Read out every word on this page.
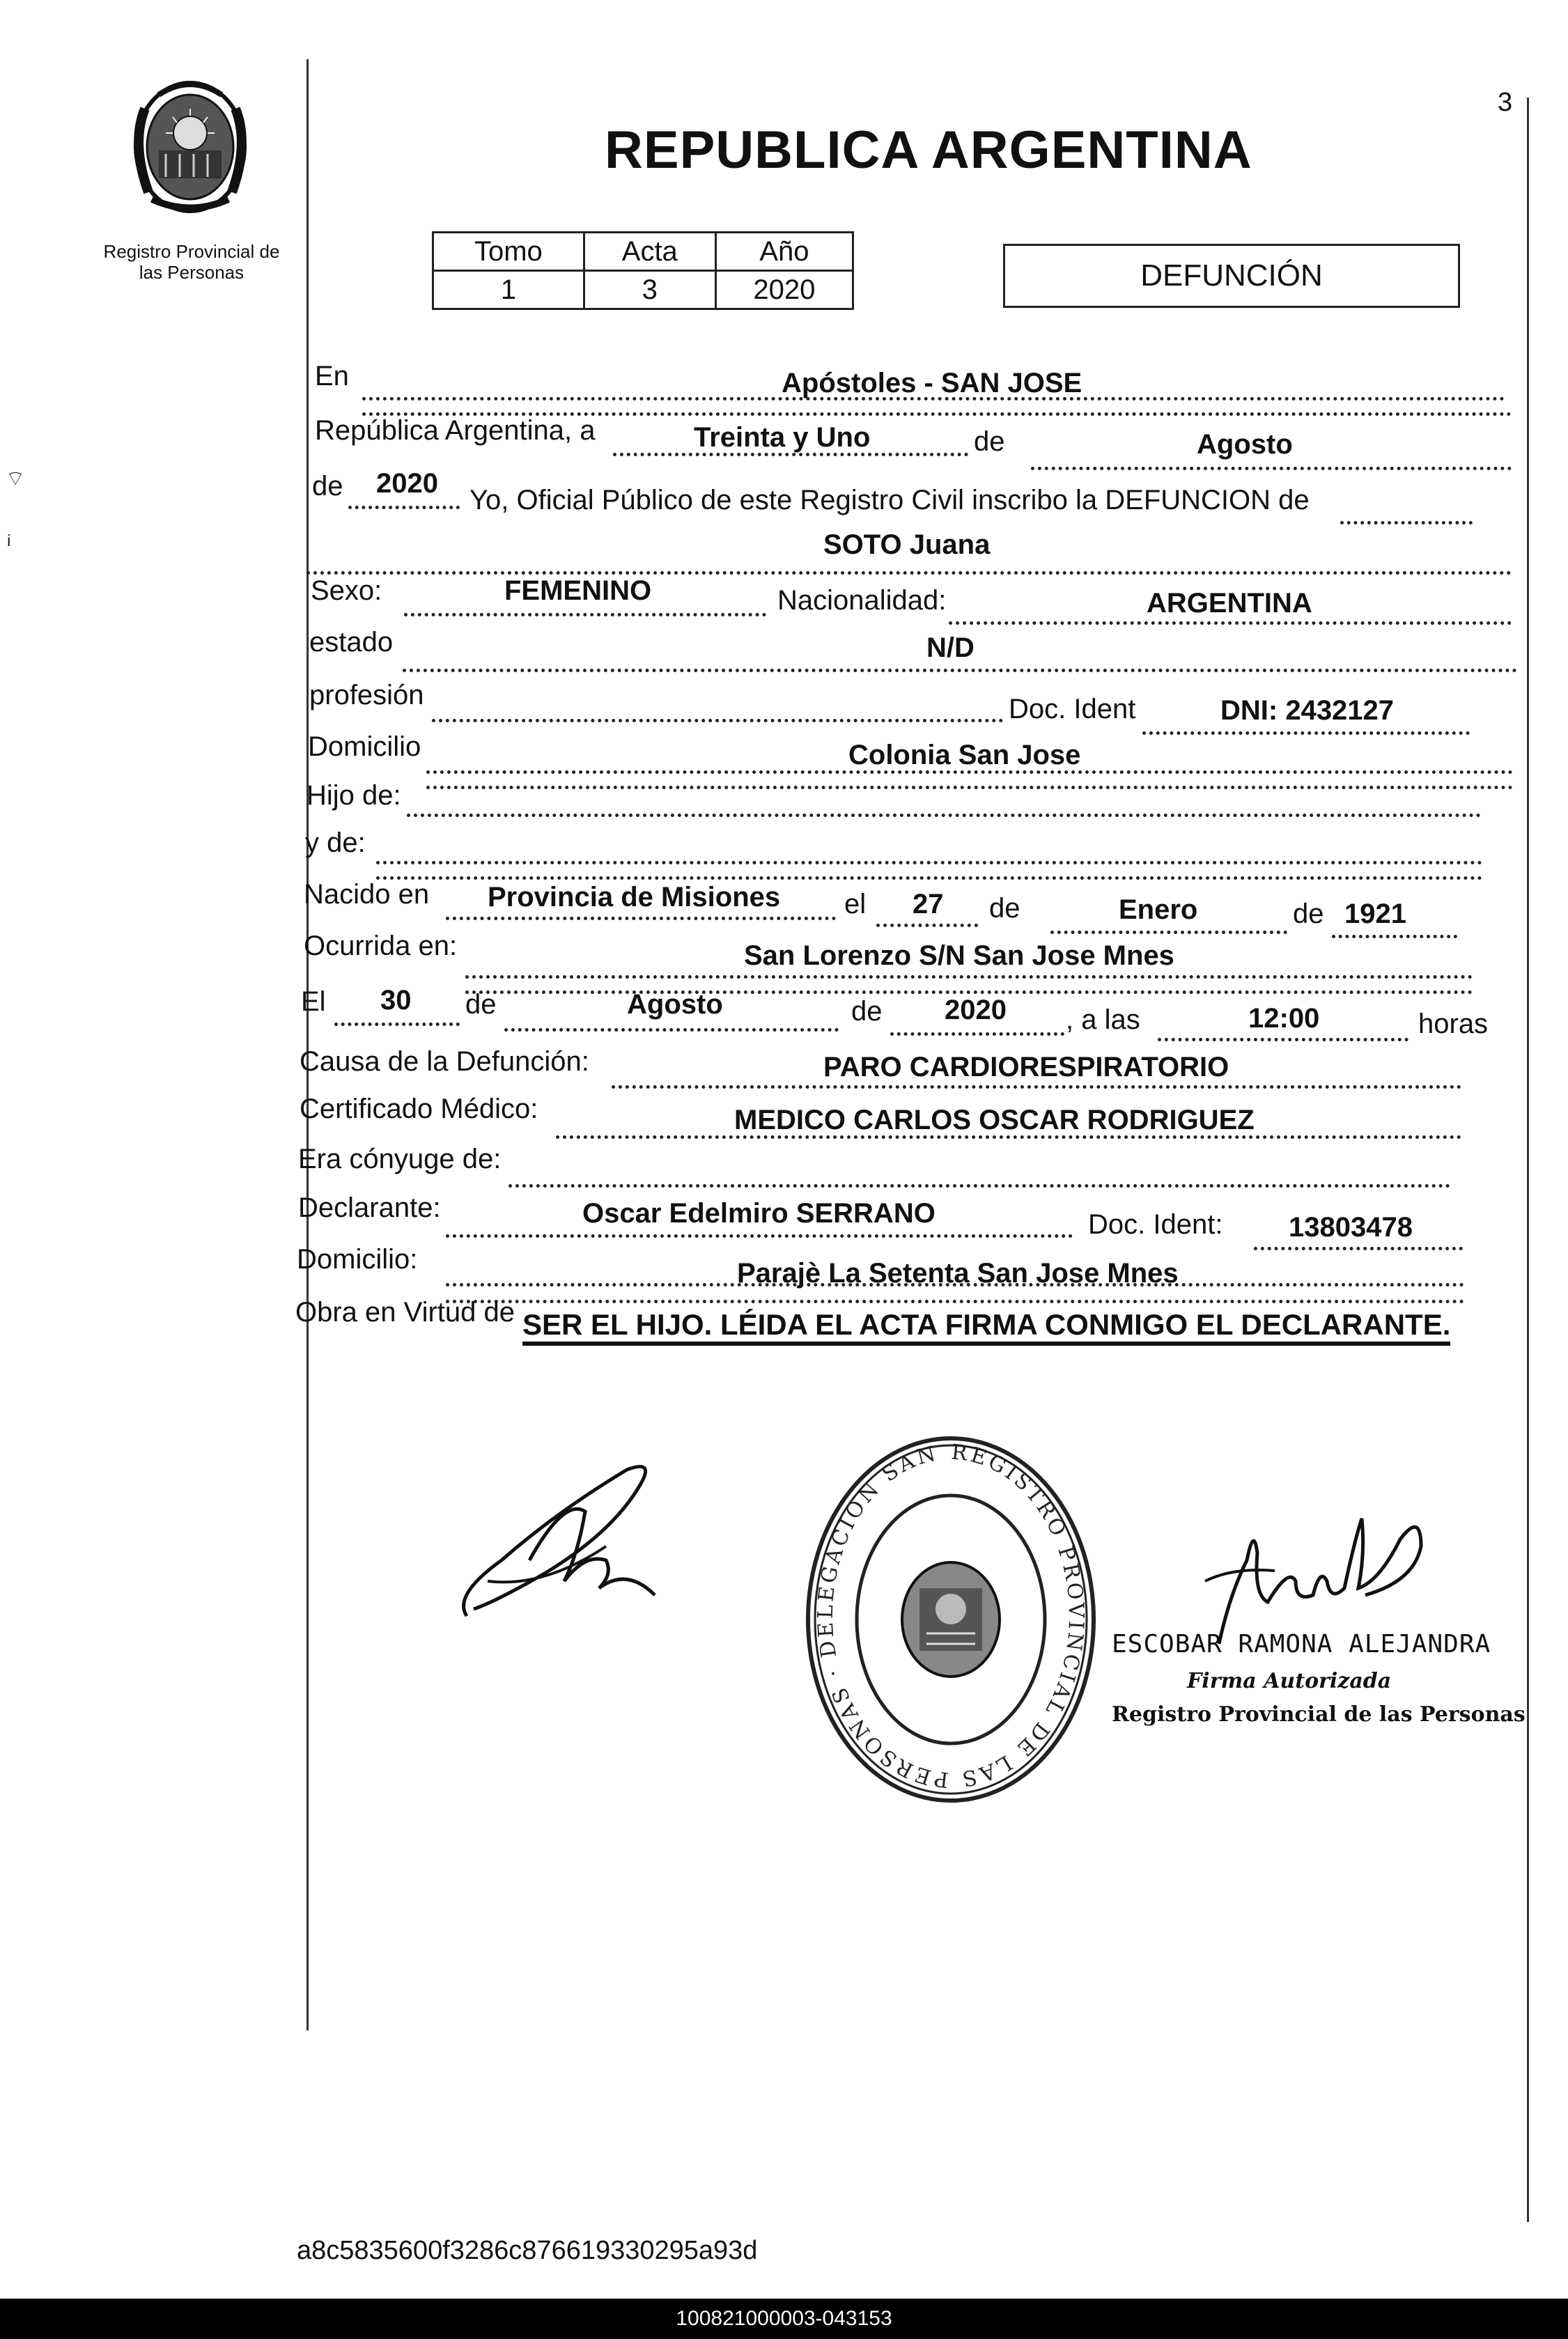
3
Registro Provincial de
las Personas
REPUBLICA ARGENTINA
Tomo	Acta	Año
1	3	2020	DEFUNCIÓN
En	Apóstoles - SAN JOSE
República Argentina, a	Treinta y Uno	de	Agosto
de 2020
Yo, Oficial Público de este Registro Civil inscribo la DEFUNCION de
SOTO Juana
Sexo:	FEMENINO	Nacionalidad:	ARGENTINA
estado	N/D
profesión	Doc. Ident	DNI: 2432127
Domicilio	Colonia San Jose
Hijo de:
y de:
Nacido en Provincia de Misiones el 27 de	Enero	de 1921
Ocurrida en:	San Lorenzo S/N San Jose Mnes
El 30 de	Agosto	de 2020 , a las	12:00	horas
Causa de la Defunción:	PARO CARDIORESPIRATORIO
Certificado Médico:	MEDICO CARLOS OSCAR RODRIGUEZ
Era cónyuge de:
Declarante:	Oscar Edelmiro SERRANO	Doc. Ident: 13803478
Domicilio:	Parajè La Setenta San Jose Mnes
Obra en Virtud de SER EL HIJO. LÉIDA EL ACTA FIRMA CONMIGO EL DECLARANTE.
REGISTRO PROVINCIAL DE LAS PERSONAS · DELEGACION SAN
ESCOBAR RAMONA ALEJANDRA
Firma Autorizada
Registro Provincial de las Personas
⌔
ᵢ
a8c5835600f3286c876619330295a93d
100821000003-043153
